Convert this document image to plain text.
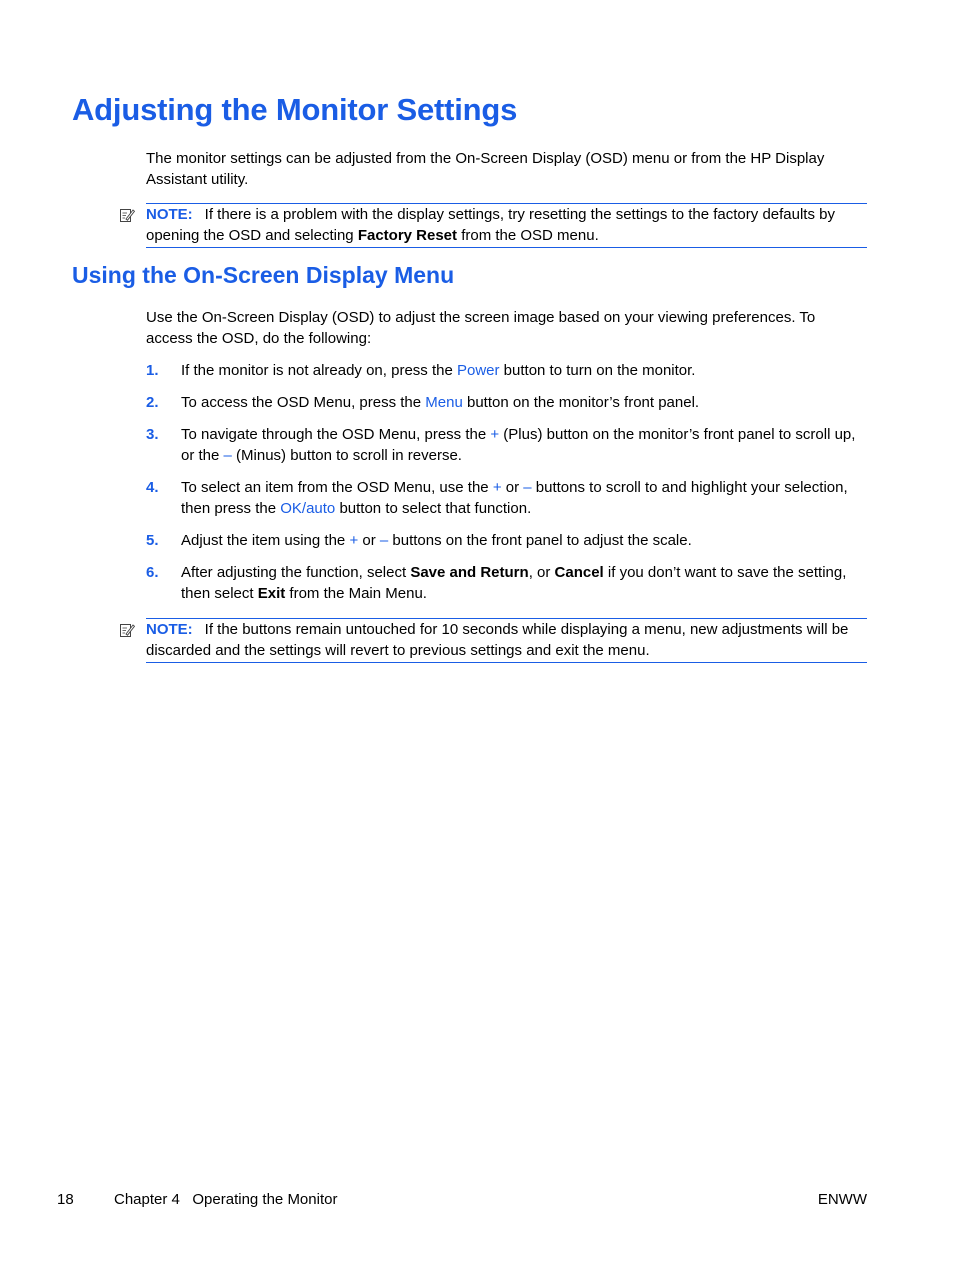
Adjusting the Monitor Settings

The monitor settings can be adjusted from the On-Screen Display (OSD) menu or from the HP Display Assistant utility.

NOTE: If there is a problem with the display settings, try resetting the settings to the factory defaults by opening the OSD and selecting Factory Reset from the OSD menu.
Using the On-Screen Display Menu

Use the On-Screen Display (OSD) to adjust the screen image based on your viewing preferences. To access the OSD, do the following:

1. If the monitor is not already on, press the Power button to turn on the monitor.
2. To access the OSD Menu, press the Menu button on the monitor’s front panel.
3. To navigate through the OSD Menu, press the + (Plus) button on the monitor’s front panel to scroll up, or the – (Minus) button to scroll in reverse.
4. To select an item from the OSD Menu, use the + or – buttons to scroll to and highlight your selection, then press the OK/auto button to select that function.
5. Adjust the item using the + or – buttons on the front panel to adjust the scale.
6. After adjusting the function, select Save and Return, or Cancel if you don’t want to save the setting, then select Exit from the Main Menu.
NOTE: If the buttons remain untouched for 10 seconds while displaying a menu, new adjustments will be discarded and the settings will revert to previous settings and exit the menu.
18	Chapter 4   Operating the Monitor	ENWW
